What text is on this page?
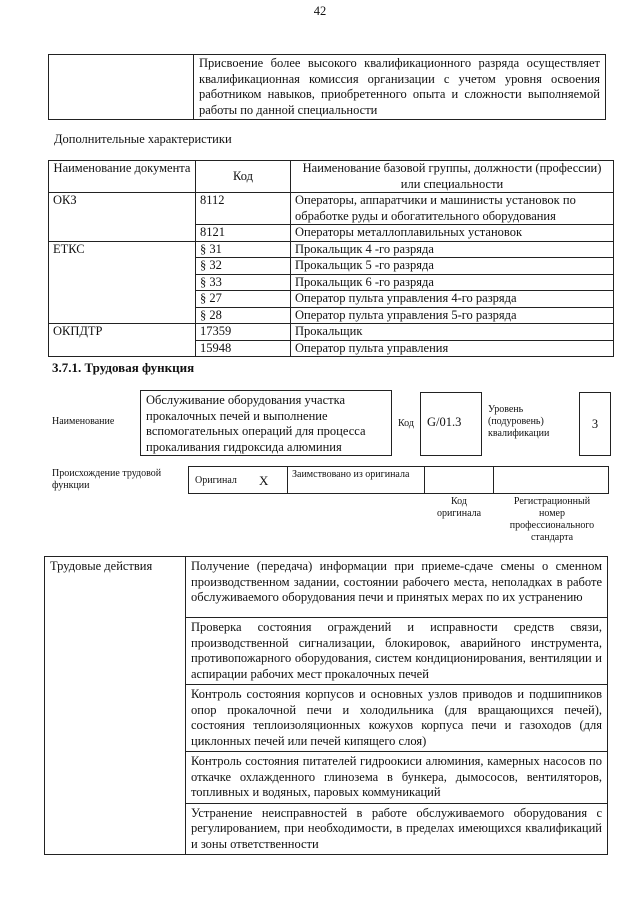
42
	Присвоение более высокого квалификационного разряда осуществляет квалификационная комиссия организации с учетом уровня освоения работником навыков, приобретенного опыта и сложности выполняемой работы по данной специальности
Дополнительные характеристики
Наименование документа	Код	Наименование базовой группы, должности (профессии) или специальности
ОКЗ	8112	Операторы, аппаратчики и машинисты установок по обработке руды и обогатительного оборудования
	8121	Операторы металлоплавильных установок
ЕТКС	§ 31	Прокальщик 4 -го разряда
	§ 32	Прокальщик 5 -го разряда
	§ 33	Прокальщик 6 -го разряда
	§ 27	Оператор пульта управления 4-го разряда
	§ 28	Оператор пульта управления 5-го разряда
ОКПДТР	17359	Прокальщик
	15948	Оператор пульта управления
3.7.1. Трудовая функция
Наименование
Обслуживание оборудования участка прокалочных печей и выполнение вспомогательных операций для процесса прокаливания гидроксида алюминия
Код	G/01.3
Уровень (подуровень) квалификации
3
Происхождение трудовой функции	Оригинал X	Заимствовано из оригинала
Код оригинала
Регистрационный номер профессионального стандарта
Трудовые действия	Получение (передача) информации при приеме-сдаче смены о сменном производственном задании, состоянии рабочего места, неполадках в работе обслуживаемого оборудования печи и принятых мерах по их устранению
Проверка состояния ограждений и исправности средств связи, производственной сигнализации, блокировок, аварийного инструмента, противопожарного оборудования, систем кондиционирования, вентиляции и аспирации рабочих мест прокалочных печей
Контроль состояния корпусов и основных узлов приводов и подшипников опор прокалочной печи и холодильника (для вращающихся печей), состояния теплоизоляционных кожухов корпуса печи и газоходов (для циклонных печей или печей кипящего слоя)
Контроль состояния питателей гидроокиси алюминия, камерных насосов по откачке охлажденного глинозема в бункера, дымососов, вентиляторов, топливных и водяных, паровых коммуникаций
Устранение неисправностей в работе обслуживаемого оборудования с регулированием, при необходимости, в пределах имеющихся квалификаций и зоны ответственности
